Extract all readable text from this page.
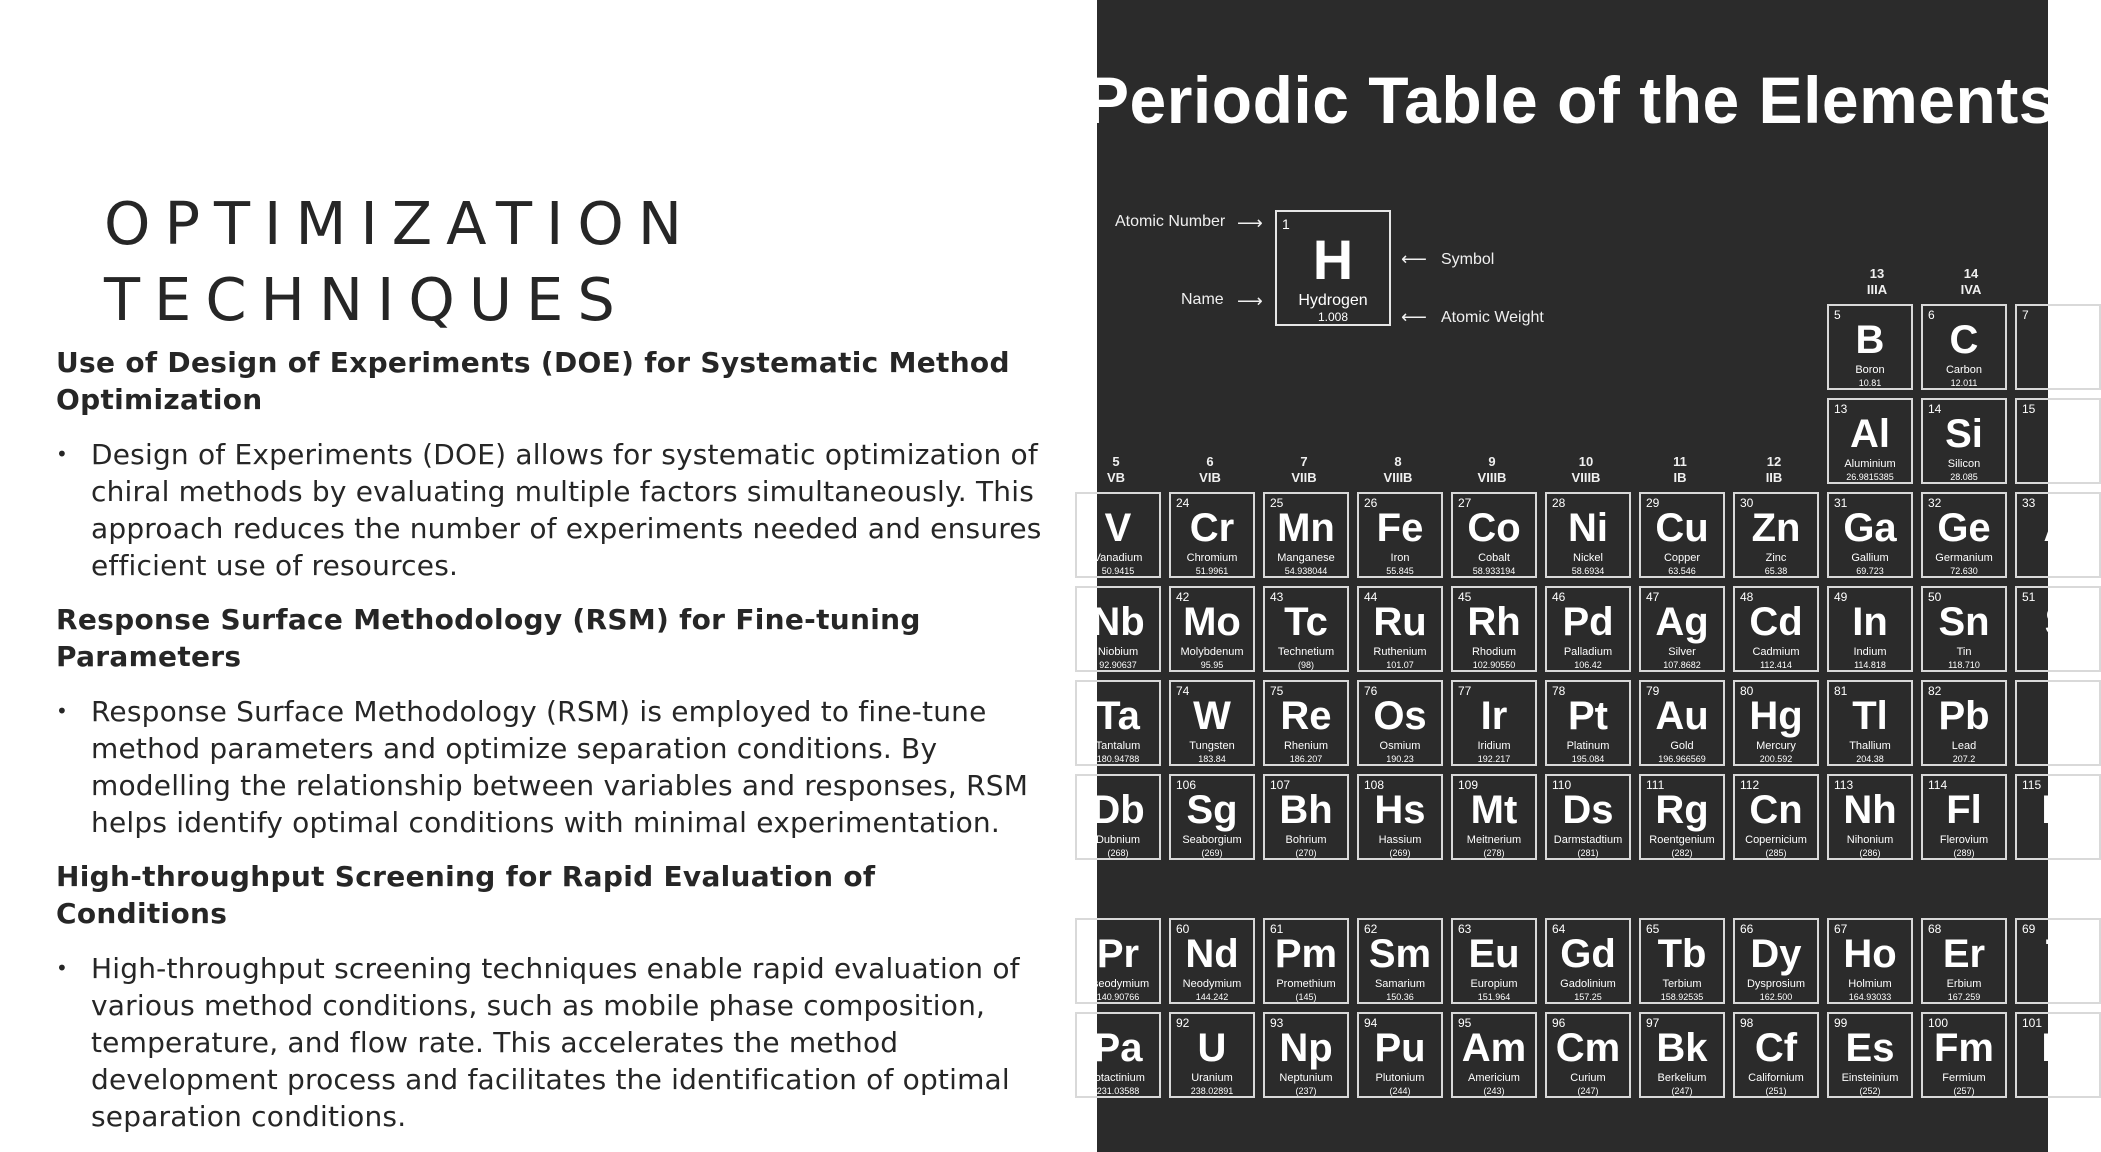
OPTIMIZATION
TECHNIQUES
Use of Design of Experiments (DOE) for Systematic Method Optimization
• Design of Experiments (DOE) allows for systematic optimization of chiral methods by evaluating multiple factors simultaneously. This approach reduces the number of experiments needed and ensures efficient use of resources.
Response Surface Methodology (RSM) for Fine-tuning Parameters
• Response Surface Methodology (RSM) is employed to fine-tune method parameters and optimize separation conditions. By modelling the relationship between variables and responses, RSM helps identify optimal conditions with minimal experimentation.
High-throughput Screening for Rapid Evaluation of Conditions
• High-throughput screening techniques enable rapid evaluation of various method conditions, such as mobile phase composition, temperature, and flow rate. This accelerates the method development process and facilitates the identification of optimal separation conditions.
Periodic Table of the Elements
Atomic Number ⟶
Name ⟶
1
H
Hydrogen
1.008
⟵ Symbol
⟵ Atomic Weight
13
IIIA
14
IVA
5
VB
6
VIB
7
VIIB
8
VIIIB
9
VIIIB
10
VIIIB
11
IB
12
IIB
5
B
Boron
10.81
6
C
Carbon
12.011
7
N
13
Al
Aluminium
26.9815385
14
Si
Silicon
28.085
15
Ph
30
3
V
Vanadium
50.9415
24
Cr
Chromium
51.9961
25
Mn
Manganese
54.938044
26
Fe
Iron
55.845
27
Co
Cobalt
58.933194
28
Ni
Nickel
58.6934
29
Cu
Copper
63.546
30
Zn
Zinc
65.38
31
Ga
Gallium
69.723
32
Ge
Germanium
72.630
33
A
Nb
Niobium
92.90637
42
Mo
Molybdenum
95.95
43
Tc
Technetium
(98)
44
Ru
Ruthenium
101.07
45
Rh
Rhodium
102.90550
46
Pd
Palladium
106.42
47
Ag
Silver
107.8682
48
Cd
Cadmium
112.414
49
In
Indium
114.818
50
Sn
Tin
118.710
51
S
3
Ta
Tantalum
180.94788
74
W
Tungsten
183.84
75
Re
Rhenium
186.207
76
Os
Osmium
190.23
77
Ir
Iridium
192.217
78
Pt
Platinum
195.084
79
Au
Gold
196.966569
80
Hg
Mercury
200.592
81
Tl
Thallium
204.38
82
Pb
Lead
207.2
E
5
Db
Dubnium
(268)
106
Sg
Seaborgium
(269)
107
Bh
Bohrium
(270)
108
Hs
Hassium
(269)
109
Mt
Meitnerium
(278)
110
Ds
Darmstadtium
(281)
111
Rg
Roentgenium
(282)
112
Cn
Copernicium
(285)
113
Nh
Nihonium
(286)
114
Fl
Flerovium
(289)
115
M
9
Pr
aseodymium
140.90766
60
Nd
Neodymium
144.242
61
Pm
Promethium
(145)
62
Sm
Samarium
150.36
63
Eu
Europium
151.964
64
Gd
Gadolinium
157.25
65
Tb
Terbium
158.92535
66
Dy
Dysprosium
162.500
67
Ho
Holmium
164.93033
68
Er
Erbium
167.259
69
T
Pa
rotactinium
231.03588
92
U
Uranium
238.02891
93
Np
Neptunium
(237)
94
Pu
Plutonium
(244)
95
Am
Americium
(243)
96
Cm
Curium
(247)
97
Bk
Berkelium
(247)
98
Cf
Californium
(251)
99
Es
Einsteinium
(252)
100
Fm
Fermium
(257)
101
M
Me
